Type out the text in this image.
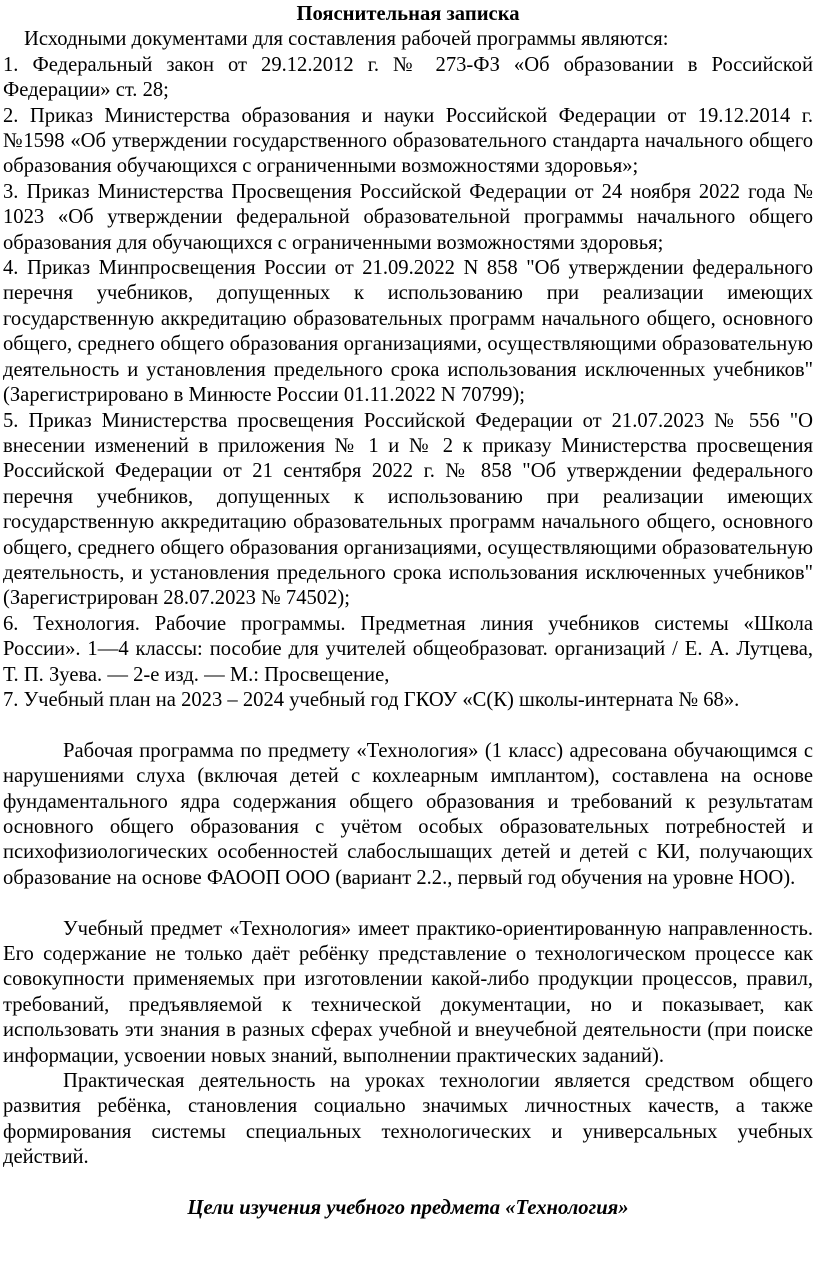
Пояснительная записка

Исходными документами для составления рабочей программы являются:

1. Федеральный закон от 29.12.2012 г. № 273-ФЗ «Об образовании в Российской Федерации» ст. 28;

2. Приказ Министерства образования и науки Российской Федерации от 19.12.2014 г. №1598 «Об утверждении государственного образовательного стандарта начального общего образования обучающихся с ограниченными возможностями здоровья»;

3. Приказ Министерства Просвещения Российской Федерации от 24 ноября 2022 года № 1023 «Об утверждении федеральной образовательной программы начального общего образования для обучающихся с ограниченными возможностями здоровья;

4. Приказ Минпросвещения России от 21.09.2022 N 858 "Об утверждении федерального перечня учебников, допущенных к использованию при реализации имеющих государственную аккредитацию образовательных программ начального общего, основного общего, среднего общего образования организациями, осуществляющими образовательную деятельность и установления предельного срока использования исключенных учебников" (Зарегистрировано в Минюсте России 01.11.2022 N 70799);

5. Приказ Министерства просвещения Российской Федерации от 21.07.2023 № 556 "О внесении изменений в приложения № 1 и № 2 к приказу Министерства просвещения Российской Федерации от 21 сентября 2022 г. № 858 "Об утверждении федерального перечня учебников, допущенных к использованию при реализации имеющих государственную аккредитацию образовательных программ начального общего, основного общего, среднего общего образования организациями, осуществляющими образовательную деятельность, и установления предельного срока использования исключенных учебников"(Зарегистрирован 28.07.2023 № 74502);

6. Технология. Рабочие программы. Предметная линия учебников системы «Школа России». 1—4 классы: пособие для учителей общеобразоват. организаций / Е. А. Лутцева, Т. П. Зуева. — 2-е изд. — М.: Просвещение,

7. Учебный план на 2023 – 2024 учебный год ГКОУ «С(К) школы-интерната № 68».

Рабочая программа по предмету «Технология» (1 класс) адресована обучающимся с нарушениями слуха (включая детей с кохлеарным имплантом), составлена на основе фундаментального ядра содержания общего образования и требований к результатам основного общего образования с учётом особых образовательных потребностей и психофизиологических особенностей слабослышащих детей и детей с КИ, получающих образование на основе ФАООП ООО (вариант 2.2., первый год обучения на уровне НОО).

Учебный предмет «Технология» имеет практико-ориентированную направленность. Его содержание не только даёт ребёнку представление о технологическом процессе как совокупности применяемых при изготовлении какой-либо продукции процессов, правил, требований, предъявляемой к технической документации, но и показывает, как использовать эти знания в разных сферах учебной и внеучебной деятельности (при поиске информации, усвоении новых знаний, выполнении практических заданий).

Практическая деятельность на уроках технологии является средством общего развития ребёнка, становления социально значимых личностных качеств, а также формирования системы специальных технологических и универсальных учебных действий.

Цели изучения учебного предмета «Технология»
